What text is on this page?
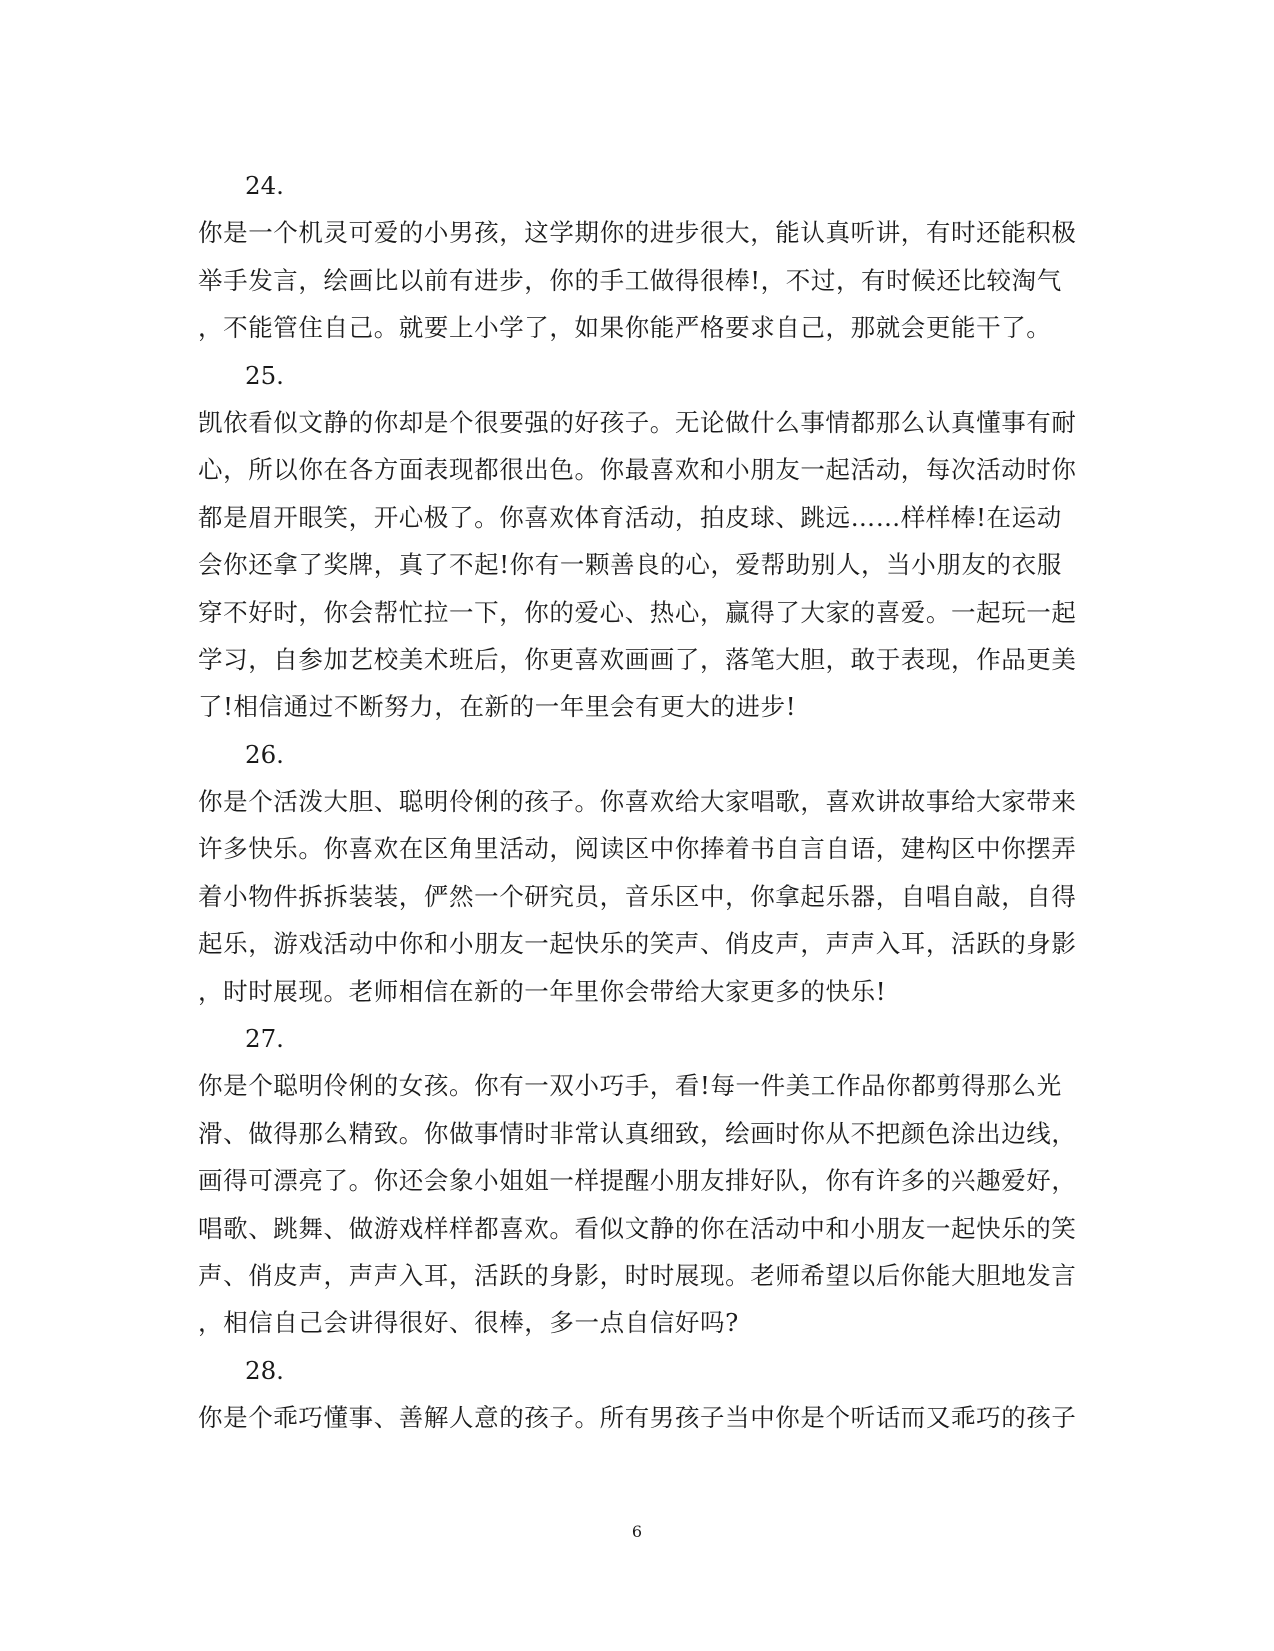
24.
你是一个机灵可爱的小男孩，这学期你的进步很大，能认真听讲，有时还能积极
举手发言，绘画比以前有进步，你的手工做得很棒!，不过，有时候还比较淘气
，不能管住自己。就要上小学了，如果你能严格要求自己，那就会更能干了。
25.
凯依看似文静的你却是个很要强的好孩子。无论做什么事情都那么认真懂事有耐
心，所以你在各方面表现都很出色。你最喜欢和小朋友一起活动，每次活动时你
都是眉开眼笑，开心极了。你喜欢体育活动，拍皮球、跳远……样样棒!在运动
会你还拿了奖牌，真了不起!你有一颗善良的心，爱帮助别人，当小朋友的衣服
穿不好时，你会帮忙拉一下，你的爱心、热心，赢得了大家的喜爱。一起玩一起
学习，自参加艺校美术班后，你更喜欢画画了，落笔大胆，敢于表现，作品更美
了!相信通过不断努力，在新的一年里会有更大的进步!
26.
你是个活泼大胆、聪明伶俐的孩子。你喜欢给大家唱歌，喜欢讲故事给大家带来
许多快乐。你喜欢在区角里活动，阅读区中你捧着书自言自语，建构区中你摆弄
着小物件拆拆装装，俨然一个研究员，音乐区中，你拿起乐器，自唱自敲，自得
起乐，游戏活动中你和小朋友一起快乐的笑声、俏皮声，声声入耳，活跃的身影
，时时展现。老师相信在新的一年里你会带给大家更多的快乐!
27.
你是个聪明伶俐的女孩。你有一双小巧手，看!每一件美工作品你都剪得那么光
滑、做得那么精致。你做事情时非常认真细致，绘画时你从不把颜色涂出边线，
画得可漂亮了。你还会象小姐姐一样提醒小朋友排好队，你有许多的兴趣爱好，
唱歌、跳舞、做游戏样样都喜欢。看似文静的你在活动中和小朋友一起快乐的笑
声、俏皮声，声声入耳，活跃的身影，时时展现。老师希望以后你能大胆地发言
，相信自己会讲得很好、很棒，多一点自信好吗?
28.
你是个乖巧懂事、善解人意的孩子。所有男孩子当中你是个听话而又乖巧的孩子
6
